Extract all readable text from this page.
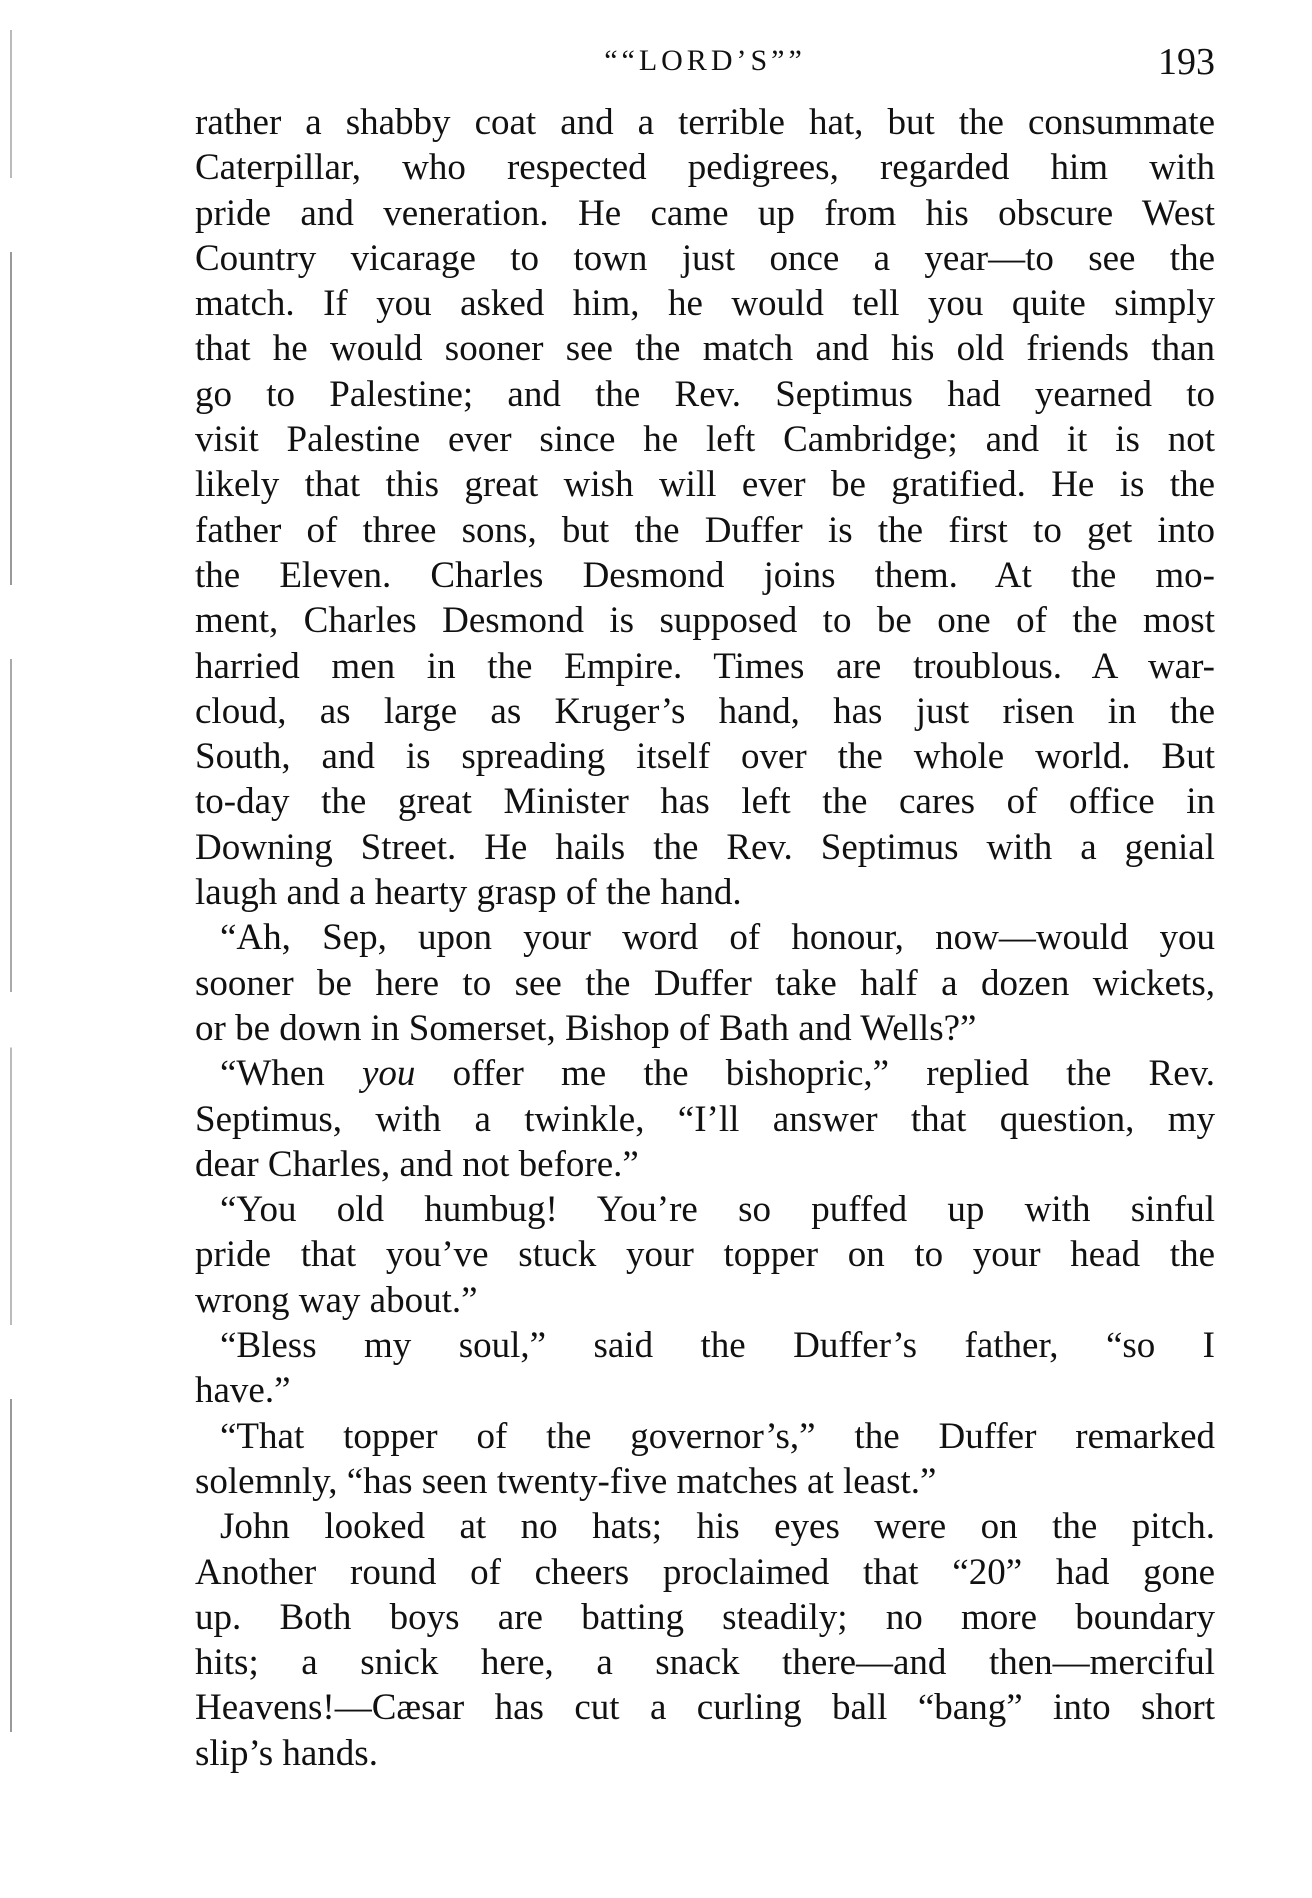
““LORD’S””	193
rather a shabby coat and a terrible hat, but the consummate
Caterpillar, who respected pedigrees, regarded him with
pride and veneration. He came up from his obscure West
Country vicarage to town just once a year—to see the
match. If you asked him, he would tell you quite simply
that he would sooner see the match and his old friends than
go to Palestine; and the Rev. Septimus had yearned to
visit Palestine ever since he left Cambridge; and it is not
likely that this great wish will ever be gratified. He is the
father of three sons, but the Duffer is the first to get into
the Eleven. Charles Desmond joins them. At the mo-
ment, Charles Desmond is supposed to be one of the most
harried men in the Empire. Times are troublous. A war-
cloud, as large as Kruger’s hand, has just risen in the
South, and is spreading itself over the whole world. But
to-day the great Minister has left the cares of office in
Downing Street. He hails the Rev. Septimus with a genial
laugh and a hearty grasp of the hand.
“Ah, Sep, upon your word of honour, now—would you
sooner be here to see the Duffer take half a dozen wickets,
or be down in Somerset, Bishop of Bath and Wells?”
“When you offer me the bishopric,” replied the Rev.
Septimus, with a twinkle, “I’ll answer that question, my
dear Charles, and not before.”
“You old humbug! You’re so puffed up with sinful
pride that you’ve stuck your topper on to your head the
wrong way about.”
“Bless my soul,” said the Duffer’s father, “so I
have.”
“That topper of the governor’s,” the Duffer remarked
solemnly, “has seen twenty-five matches at least.”
John looked at no hats; his eyes were on the pitch.
Another round of cheers proclaimed that “20” had gone
up. Both boys are batting steadily; no more boundary
hits; a snick here, a snack there—and then—merciful
Heavens!—Cæsar has cut a curling ball “bang” into short
slip’s hands.
